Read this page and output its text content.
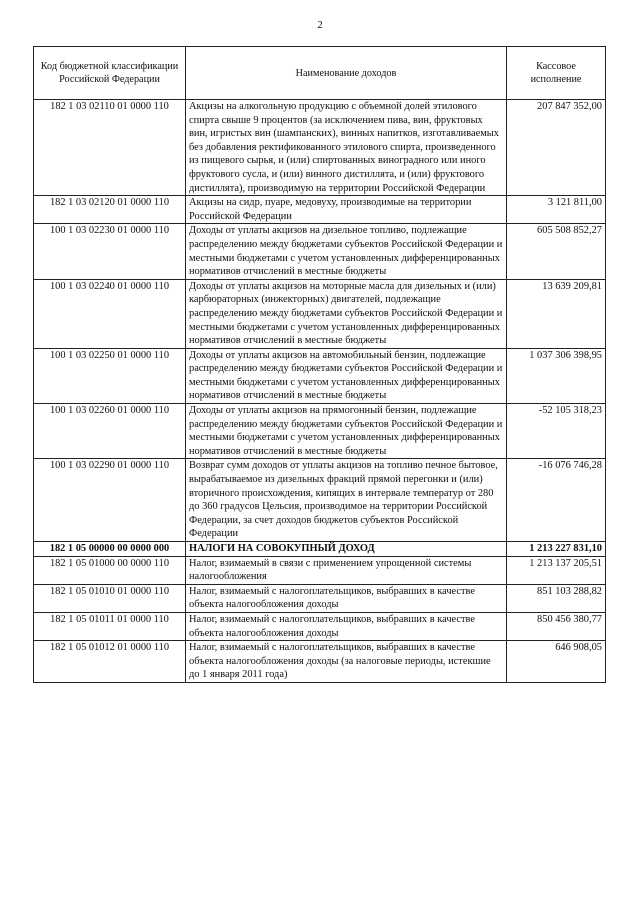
2
Код бюджетной классификации Российской Федерации	Наименование доходов	Кассовое исполнение
182 1 03 02110 01 0000 110	Акцизы на алкогольную продукцию с объемной долей этилового спирта свыше 9 процентов (за исключением пива, вин, фруктовых вин, игристых вин (шампанских), винных напитков, изготавливаемых без добавления ректификованного этилового спирта, произведенного из пищевого сырья, и (или) спиртованных виноградного или иного фруктового сусла, и (или) винного дистиллята, и (или) фруктового дистиллята), производимую на территории Российской Федерации	207 847 352,00
182 1 03 02120 01 0000 110	Акцизы на сидр, пуаре, медовуху, производимые на территории Российской Федерации	3 121 811,00
100 1 03 02230 01 0000 110	Доходы от уплаты акцизов на дизельное топливо, подлежащие распределению между бюджетами субъектов Российской Федерации и местными бюджетами с учетом установленных дифференцированных нормативов отчислений в местные бюджеты	605 508 852,27
100 1 03 02240 01 0000 110	Доходы от уплаты акцизов на моторные масла для дизельных и (или) карбюраторных (инжекторных) двигателей, подлежащие распределению между бюджетами субъектов Российской Федерации и местными бюджетами с учетом установленных дифференцированных нормативов отчислений в местные бюджеты	13 639 209,81
100 1 03 02250 01 0000 110	Доходы от уплаты акцизов на автомобильный бензин, подлежащие распределению между бюджетами субъектов Российской Федерации и местными бюджетами с учетом установленных дифференцированных нормативов отчислений в местные бюджеты	1 037 306 398,95
100 1 03 02260 01 0000 110	Доходы от уплаты акцизов на прямогонный бензин, подлежащие распределению между бюджетами субъектов Российской Федерации и местными бюджетами с учетом установленных дифференцированных нормативов отчислений в местные бюджеты	-52 105 318,23
100 1 03 02290 01 0000 110	Возврат сумм доходов от уплаты акцизов на топливо печное бытовое, вырабатываемое из дизельных фракций прямой перегонки и (или) вторичного происхождения, кипящих в интервале температур от 280 до 360 градусов Цельсия, производимое на территории Российской Федерации, за счет доходов бюджетов субъектов Российской Федерации	-16 076 746,28
182 1 05 00000 00 0000 000	НАЛОГИ НА СОВОКУПНЫЙ ДОХОД	1 213 227 831,10
182 1 05 01000 00 0000 110	Налог, взимаемый в связи с применением упрощенной системы налогообложения	1 213 137 205,51
182 1 05 01010 01 0000 110	Налог, взимаемый с налогоплательщиков, выбравших в качестве объекта налогообложения доходы	851 103 288,82
182 1 05 01011 01 0000 110	Налог, взимаемый с налогоплательщиков, выбравших в качестве объекта налогообложения доходы	850 456 380,77
182 1 05 01012 01 0000 110	Налог, взимаемый с налогоплательщиков, выбравших в качестве объекта налогообложения доходы (за налоговые периоды, истекшие до 1 января 2011 года)	646 908,05
